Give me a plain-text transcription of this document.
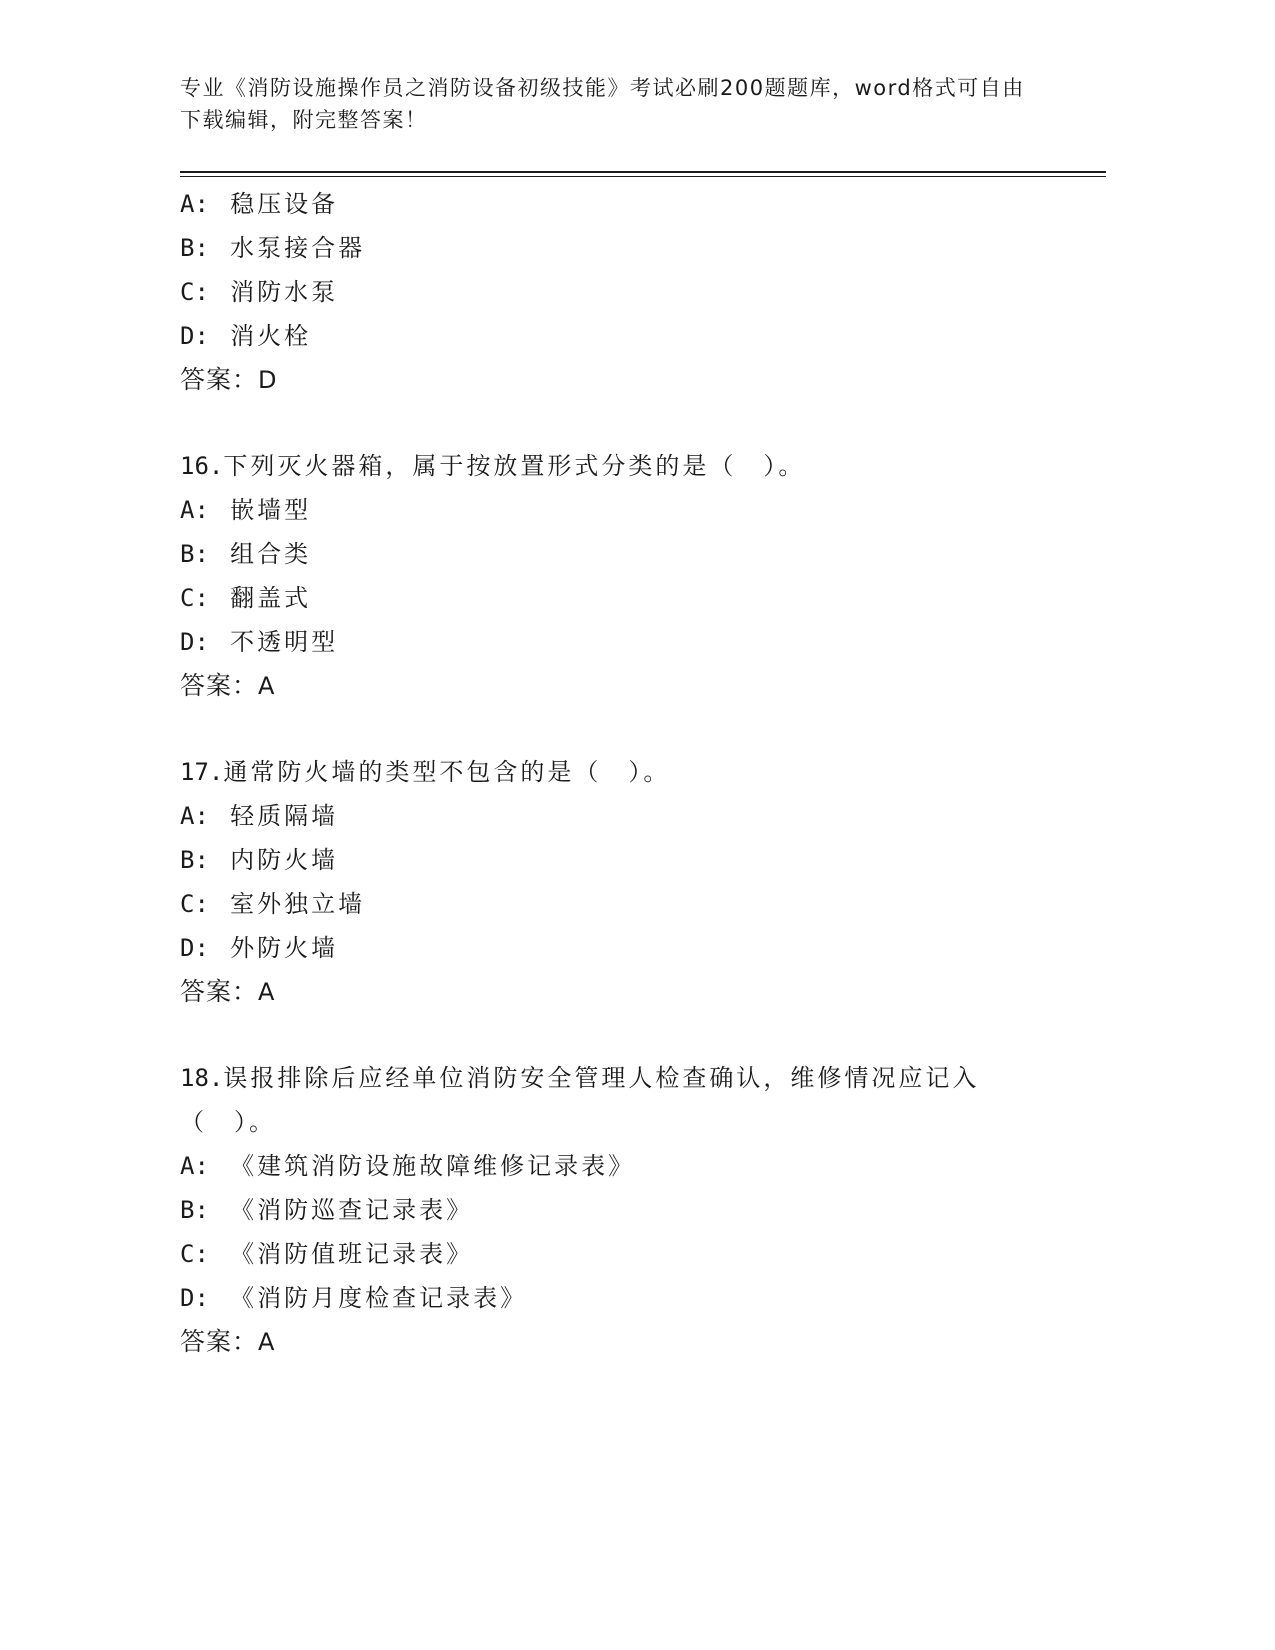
专业《消防设施操作员之消防设备初级技能》考试必刷200题题库，word格式可自由下载编辑，附完整答案！
A: 稳压设备
B: 水泵接合器
C: 消防水泵
D: 消火栓
答案：D
16.下列灭火器箱，属于按放置形式分类的是（　）。
A: 嵌墙型
B: 组合类
C: 翻盖式
D: 不透明型
答案：A
17.通常防火墙的类型不包含的是（　）。
A: 轻质隔墙
B: 内防火墙
C: 室外独立墙
D: 外防火墙
答案：A
18.误报排除后应经单位消防安全管理人检查确认，维修情况应记入（　）。
A: 《建筑消防设施故障维修记录表》
B: 《消防巡查记录表》
C: 《消防值班记录表》
D: 《消防月度检查记录表》
答案：A
